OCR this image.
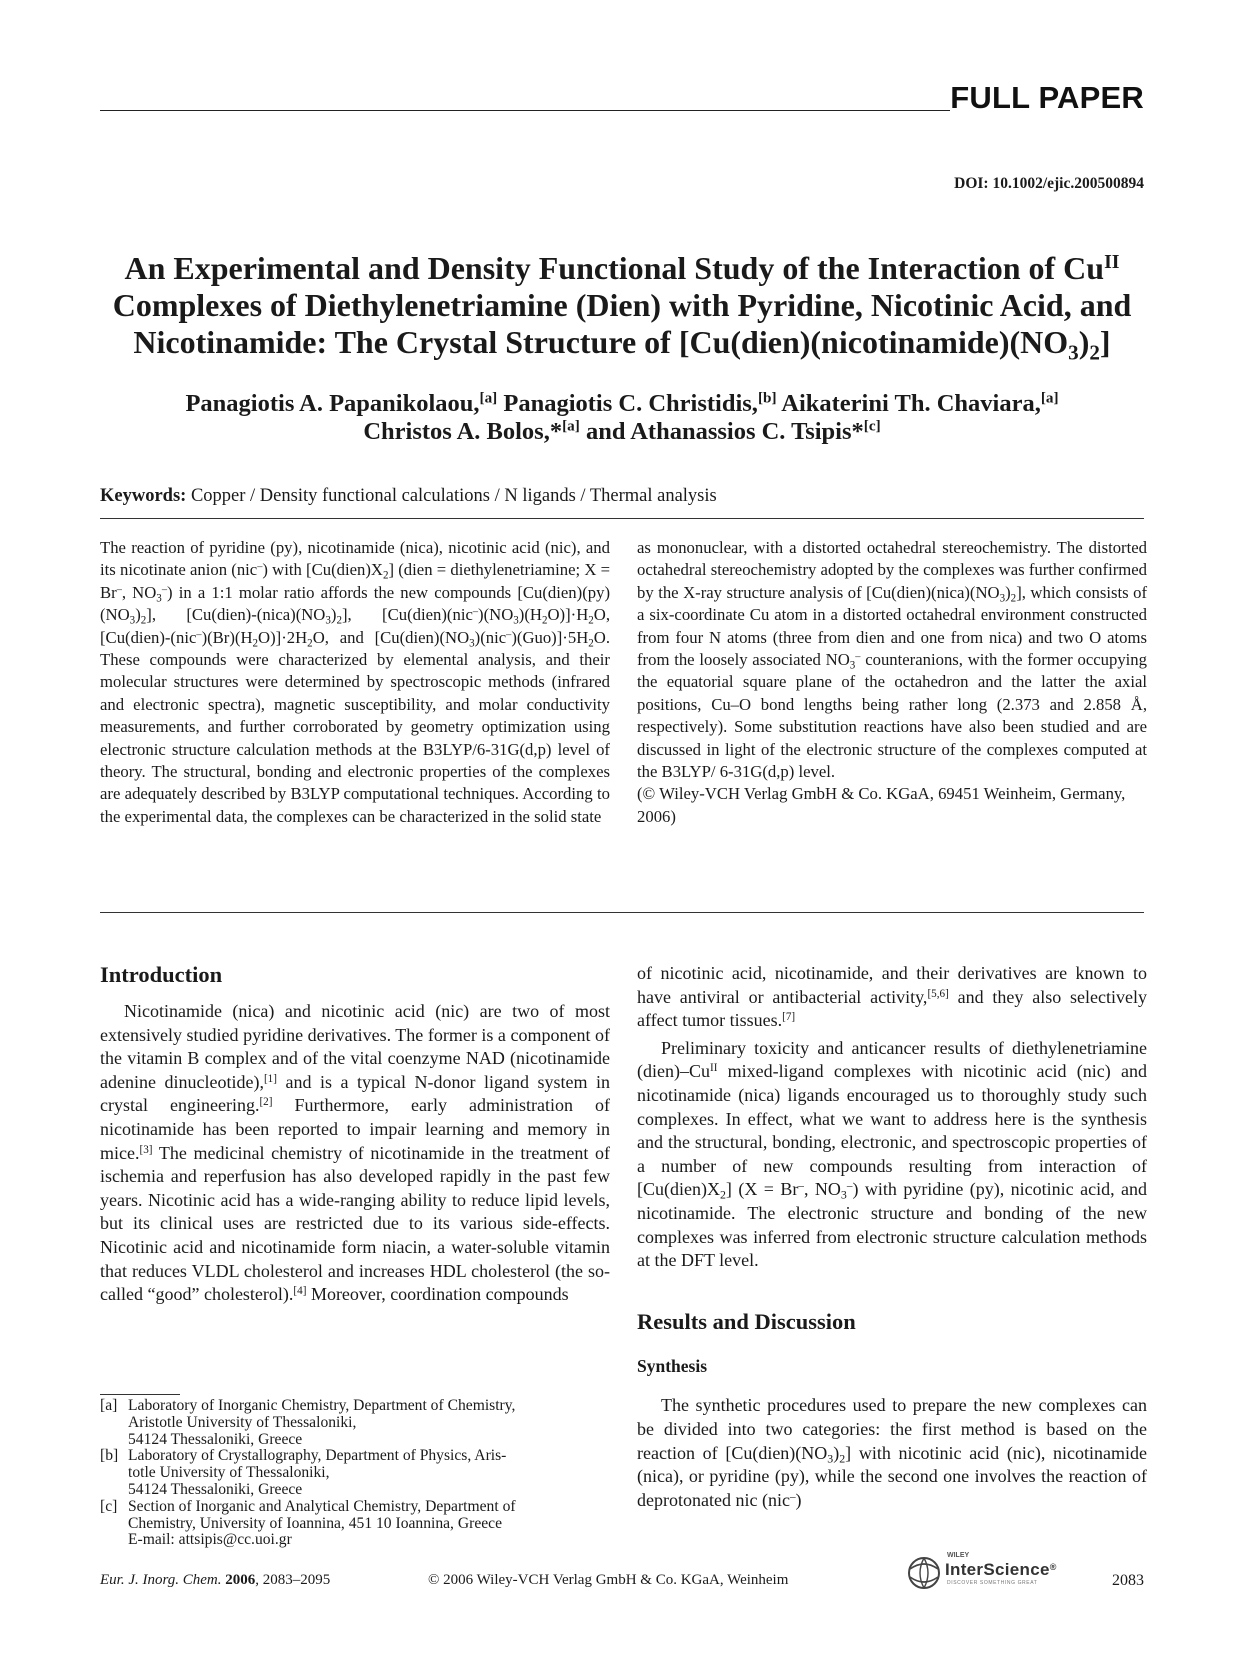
FULL PAPER
DOI: 10.1002/ejic.200500894
An Experimental and Density Functional Study of the Interaction of $Cu^{II}$
Complexes of Diethylenetriamine (Dien) with Pyridine, Nicotinic Acid, and
Nicotinamide: The Crystal Structure of $[Cu(dien)(nicotinamide)(NO_3)_2]$
Panagiotis A. Papanikolaou,[a] Panagiotis C. Christidis,[b] Aikaterini Th. Chaviara,[a]
Christos A. Bolos,*[a] and Athanassios C. Tsipis*[c]
Keywords: Copper / Density functional calculations / N ligands / Thermal analysis

The reaction of pyridine (py), nicotinamide (nica), nicotinic acid (nic), and its nicotinate anion (nic–) with $[Cu(dien)X_2]$ (dien = diethylenetriamine; X = Br–, $NO_3^-$) in a 1:1 molar ratio affords the new compounds $[Cu(dien)(py)(NO_3)_2]$, $[Cu(dien)-(nica)(NO_3)_2]$, $[Cu(dien)(nic^-)(NO_3)(H_2O)]\cdot H_2O$, $[Cu(dien)-(nic^-)(Br)(H_2O)]\cdot 2H_2O$, and $[Cu(dien)(NO_3)(nic^-)(Guo)]\cdot 5H_2O$. These compounds were characterized by elemental analysis, and their molecular structures were determined by spectroscopic methods (infrared and electronic spectra), magnetic susceptibility, and molar conductivity measurements, and further corroborated by geometry optimization using electronic structure calculation methods at the B3LYP/6-31G(d,p) level of theory. The structural, bonding and electronic properties of the complexes are adequately described by B3LYP computational techniques. According to the experimental data, the complexes can be characterized in the solid state

as mononuclear, with a distorted octahedral stereochemistry. The distorted octahedral stereochemistry adopted by the complexes was further confirmed by the X-ray structure analysis of $[Cu(dien)(nica)(NO_3)_2]$, which consists of a six-coordinate Cu atom in a distorted octahedral environment constructed from four N atoms (three from dien and one from nica) and two O atoms from the loosely associated $NO_3^-$ counteranions, with the former occupying the equatorial square plane of the octahedron and the latter the axial positions, Cu–O bond lengths being rather long (2.373 and 2.858 Å, respectively). Some substitution reactions have also been studied and are discussed in light of the electronic structure of the complexes computed at the B3LYP/ 6-31G(d,p) level.

(© Wiley-VCH Verlag GmbH & Co. KGaA, 69451 Weinheim, Germany, 2006)

Introduction

Nicotinamide (nica) and nicotinic acid (nic) are two of most extensively studied pyridine derivatives. The former is a component of the vitamin B complex and of the vital coenzyme NAD (nicotinamide adenine dinucleotide),[1] and is a typical N-donor ligand system in crystal engineering.[2] Furthermore, early administration of nicotinamide has been reported to impair learning and memory in mice.[3] The medicinal chemistry of nicotinamide in the treatment of ischemia and reperfusion has also developed rapidly in the past few years. Nicotinic acid has a wide-ranging ability to reduce lipid levels, but its clinical uses are restricted due to its various side-effects. Nicotinic acid and nicotinamide form niacin, a water-soluble vitamin that reduces VLDL cholesterol and increases HDL cholesterol (the so-called “good” cholesterol).[4] Moreover, coordination compounds

of nicotinic acid, nicotinamide, and their derivatives are known to have antiviral or antibacterial activity,[5,6] and they also selectively affect tumor tissues.[7]

Preliminary toxicity and anticancer results of diethylenetriamine $(dien)-Cu^{II}$ mixed-ligand complexes with nicotinic acid (nic) and nicotinamide (nica) ligands encouraged us to thoroughly study such complexes. In effect, what we want to address here is the synthesis and the structural, bonding, electronic, and spectroscopic properties of a number of new compounds resulting from interaction of $[Cu(dien)X_2] (X = Br^-$, $NO_3^-$) with pyridine (py), nicotinic acid, and nicotinamide. The electronic structure and bonding of the new complexes was inferred from electronic structure calculation methods at the DFT level.

Results and Discussion
Synthesis

The synthetic procedures used to prepare the new complexes can be divided into two categories: the first method is based on the reaction of $[Cu(dien)(NO_3)_2]$ with nicotinic acid (nic), nicotinamide (nica), or pyridine (py), while the second one involves the reaction of deprotonated nic (nic–)

[a] Laboratory of Inorganic Chemistry, Department of Chemistry,
Aristotle University of Thessaloniki,
54124 Thessaloniki, Greece
[b] Laboratory of Crystallography, Department of Physics, Aris-
totle University of Thessaloniki,
54124 Thessaloniki, Greece
[c] Section of Inorganic and Analytical Chemistry, Department of
Chemistry, University of Ioannina, 451 10 Ioannina, Greece
E-mail: attsipis@cc.uoi.gr
Eur. J. Inorg. Chem. 2006, 2083–2095	© 2006 Wiley-VCH Verlag GmbH & Co. KGaA, Weinheim
WILEY
InterScience®
DISCOVER SOMETHING GREAT	2083
